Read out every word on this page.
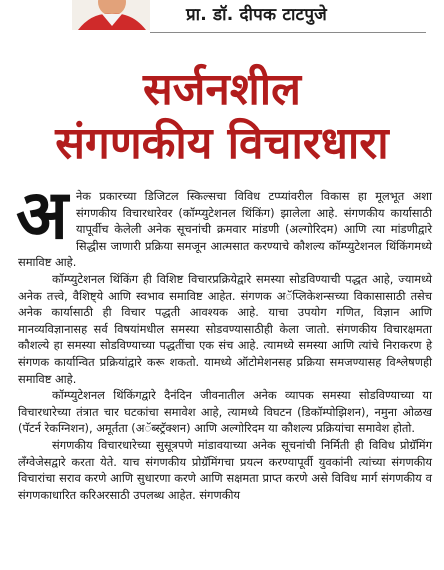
प्रा. डॉ. दीपक टाटपुजे
सर्जनशील
संगणकीय विचारधारा

अ नेक प्रकारच्या डिजिटल स्किल्सचा विविध टप्प्यांवरील विकास हा मूलभूत अशा संगणकीय विचारधारेवर (कॉम्प्युटेशनल थिंकिंग) झालेला आहे. संगणकीय कार्यासाठी यापूर्वीच केलेली अनेक सूचनांची क्रमवार मांडणी (अल्गोरिदम) आणि त्या मांडणीद्वारे सिद्धीस जाणारी प्रक्रिया समजून आत्मसात करण्याचे कौशल्य कॉम्प्युटेशनल थिंकिंगमध्ये समाविष्ट आहे.

कॉम्प्युटेशनल थिंकिंग ही विशिष्ट विचारप्रक्रियेद्वारे समस्या सोडविण्याची पद्धत आहे, ज्यामध्ये अनेक तत्त्वे, वैशिष्ट्ये आणि स्वभाव समाविष्ट आहेत. संगणक अॅप्लिकेशन्सच्या विकासासाठी तसेच अनेक कार्यासाठी ही विचार पद्धती आवश्यक आहे. याचा उपयोग गणित, विज्ञान आणि मानव्यविज्ञानासह सर्व विषयांमधील समस्या सोडवण्यासाठीही केला जातो. संगणकीय विचारक्षमता कौशल्ये हा समस्या सोडविण्याच्या पद्धतींचा एक संच आहे. त्यामध्ये समस्या आणि त्यांचे निराकरण हे संगणक कार्यान्वित प्रक्रियांद्वारे करू शकतो. यामध्ये ऑटोमेशनसह प्रक्रिया समजण्यासह विश्लेषणही समाविष्ट आहे.

कॉम्प्युटेशनल थिंकिंगद्वारे दैनंदिन जीवनातील अनेक व्यापक समस्या सोडविण्याच्या या विचारधारेच्या तंत्रात चार घटकांचा समावेश आहे, त्यामध्ये विघटन (डिकॉम्पोझिशन), नमुना ओळख (पॅटर्न रेकग्निशन), अमूर्तता (अॅब्स्ट्रॅक्शन) आणि अल्गोरिदम या कौशल्य प्रक्रियांचा समावेश होतो.

संगणकीय विचारधारेच्या सुसूत्रपणे मांडावयाच्या अनेक सूचनांची निर्मिती ही विविध प्रोग्रॅमिंग लॅंग्वेजेसद्वारे करता येते. याच संगणकीय प्रोग्रॅमिंगचा प्रयत्न करण्यापूर्वी युवकांनी त्यांच्या संगणकीय विचारांचा सराव करणे आणि सुधारणा करणे आणि सक्षमता प्राप्त करणे असे विविध मार्ग संगणकीय व संगणकाधारित करिअरसाठी उपलब्ध आहेत. संगणकीय
